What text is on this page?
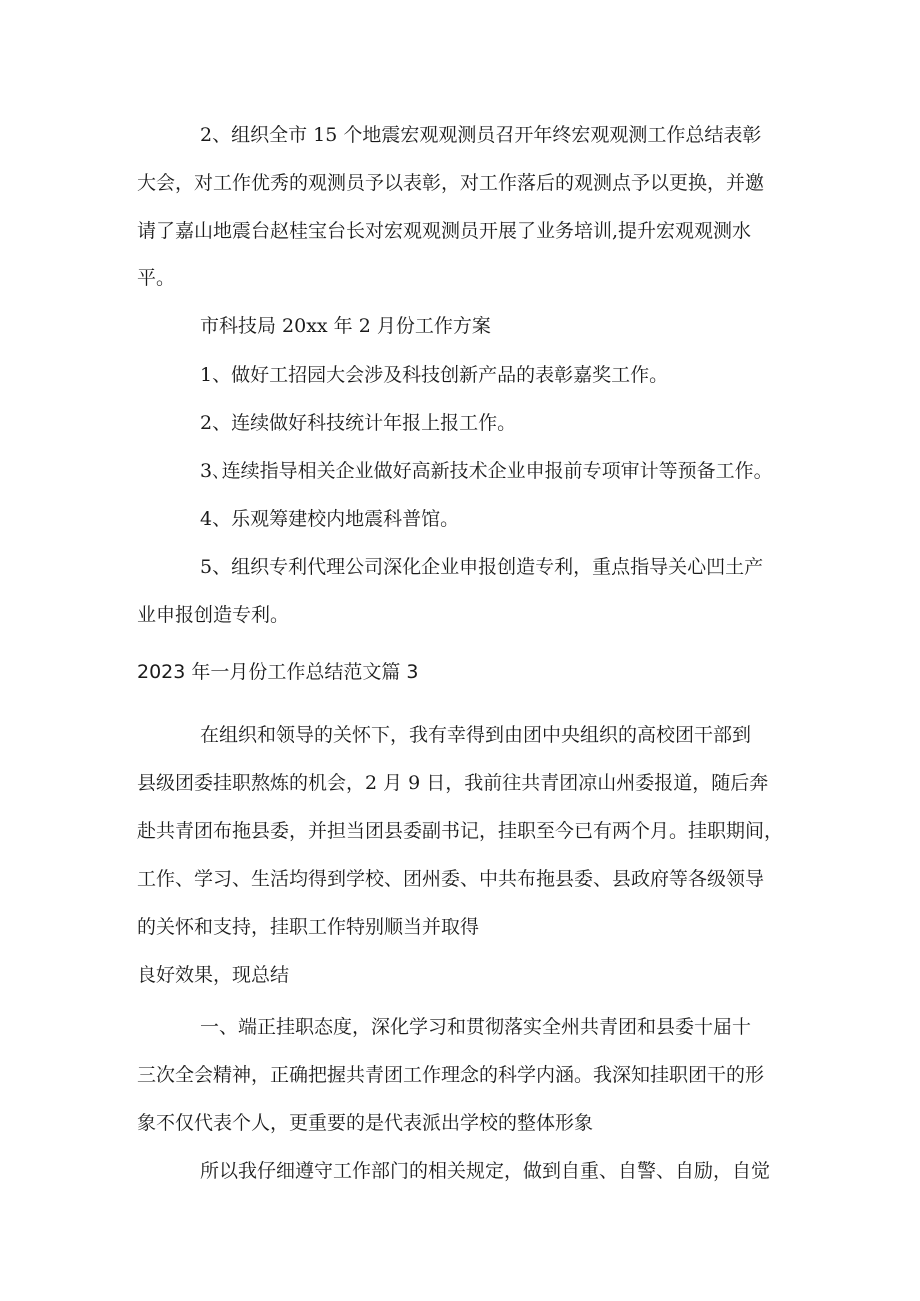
2、组织全市 15 个地震宏观观测员召开年终宏观观测工作总结表彰

大会，对工作优秀的观测员予以表彰，对工作落后的观测点予以更换，并邀

请了嘉山地震台赵桂宝台长对宏观观测员开展了业务培训,提升宏观观测水

平。

市科技局 20xx 年 2 月份工作方案

1、做好工招园大会涉及科技创新产品的表彰嘉奖工作。

2、连续做好科技统计年报上报工作。

3､连续指导相关企业做好高新技术企业申报前专项审计等预备工作。

4、乐观筹建校内地震科普馆。

5、组织专利代理公司深化企业申报创造专利，重点指导关心凹土产

业申报创造专利。

2023 年一月份工作总结范文篇 3

在组织和领导的关怀下，我有幸得到由团中央组织的高校团干部到

县级团委挂职熬炼的机会，2 月 9 日，我前往共青团凉山州委报道，随后奔

赴共青团布拖县委，并担当团县委副书记，挂职至今已有两个月。挂职期间，

工作、学习、生活均得到学校、团州委、中共布拖县委、县政府等各级领导

的关怀和支持，挂职工作特别顺当并取得

良好效果，现总结

一、端正挂职态度，深化学习和贯彻落实全州共青团和县委十届十

三次全会精神，正确把握共青团工作理念的科学内涵。我深知挂职团干的形

象不仅代表个人，更重要的是代表派出学校的整体形象

所以我仔细遵守工作部门的相关规定，做到自重、自警、自励，自觉
